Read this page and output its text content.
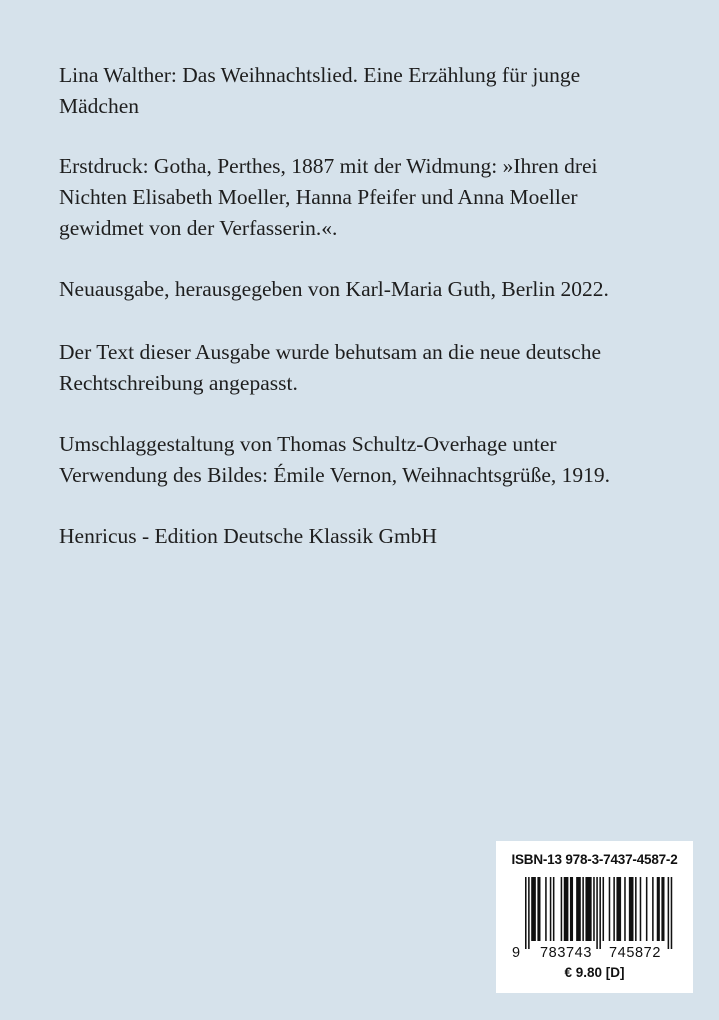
Lina Walther: Das Weihnachtslied. Eine Erzählung für junge
Mädchen

Erstdruck: Gotha, Perthes, 1887 mit der Widmung: »Ihren drei
Nichten Elisabeth Moeller, Hanna Pfeifer und Anna Moeller
gewidmet von der Verfasserin.«.

Neuausgabe, herausgegeben von Karl-Maria Guth, Berlin 2022.

Der Text dieser Ausgabe wurde behutsam an die neue deutsche
Rechtschreibung angepasst.

Umschlaggestaltung von Thomas Schultz-Overhage unter
Verwendung des Bildes: Émile Vernon, Weihnachtsgrüße, 1919.

Henricus - Edition Deutsche Klassik GmbH

ISBN-13 978-3-7437-4587-2
9 783743 745872
€ 9.80 [D]
